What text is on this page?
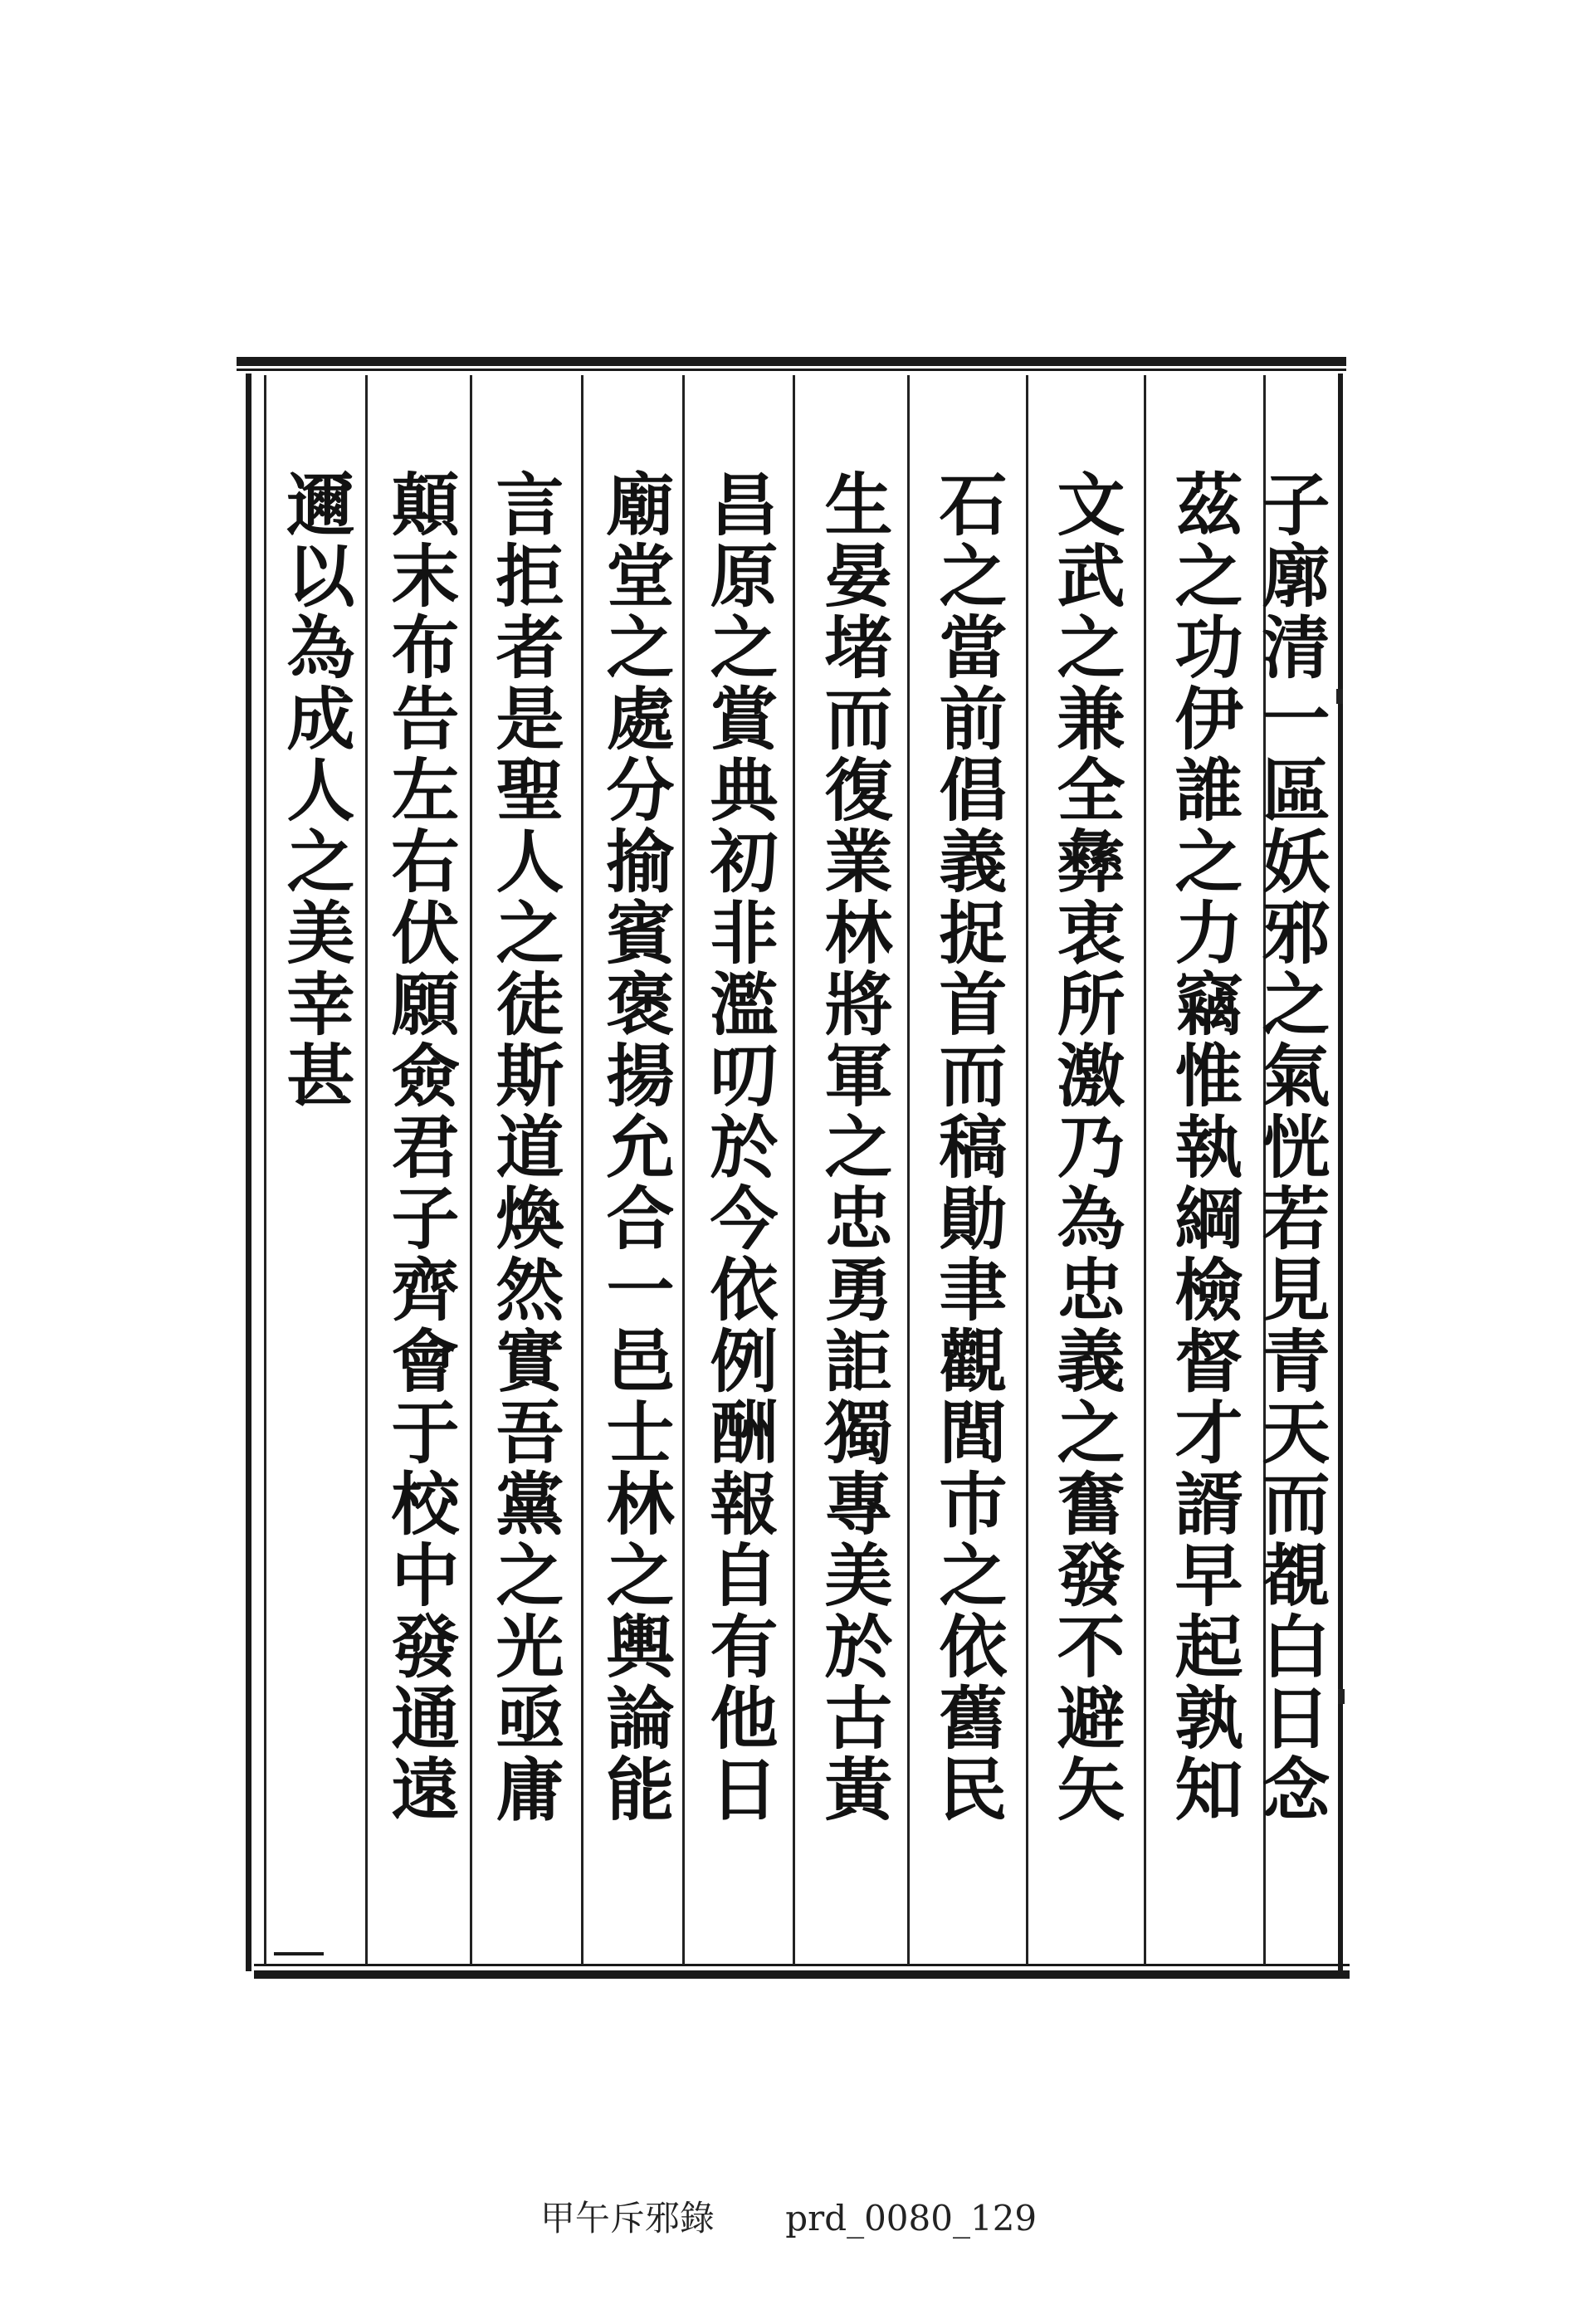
子廓清一區妖邪之氣恍若見青天而覩白日念
茲之功伊誰之力竊惟執綱檢督才諝早起孰知
文武之兼全彝衷所激乃為忠義之奮發不避矢
石之當前倡義捉首而稿勛聿觀閭巿之依舊民
生晏堵而復業林將軍之忠勇詎獨專美於古黃
昌原之賞典初非濫叨於今依例酬報自有他日
廟堂之處分揄賓褒揚允合一邑士林之輿論能
言拒者是聖人之徒斯道煥然實吾黨之光亟庸
顛末布告左右伏願僉君子齊會于校中發通遠
邇以為成人之美幸甚
甲午斥邪錄 prd_0080_129
